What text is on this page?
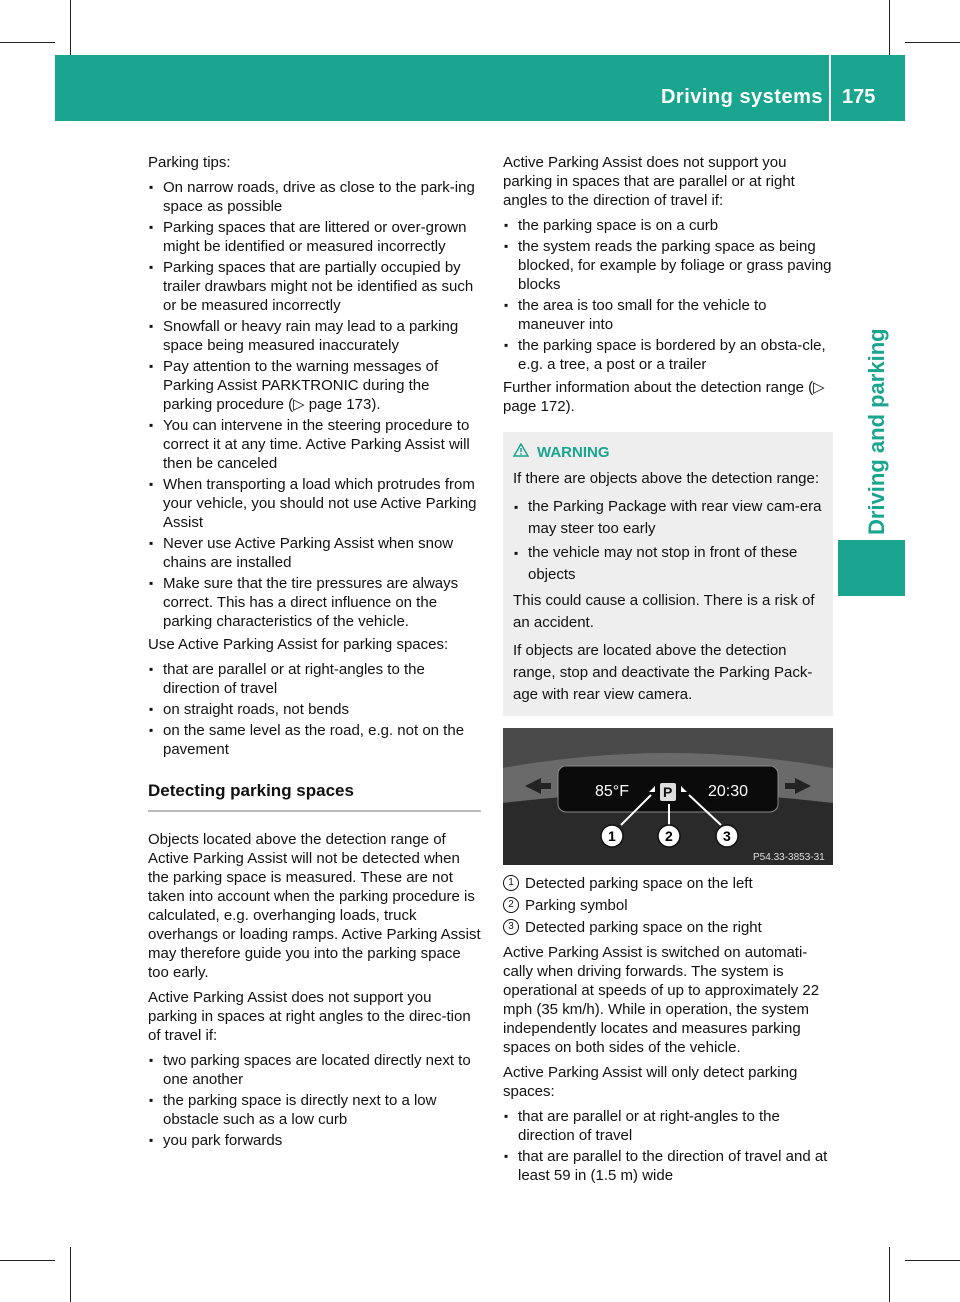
Driving systems 175
Driving and parking

Parking tips:

▪ On narrow roads, drive as close to the park-ing space as possible
▪ Parking spaces that are littered or over-grown might be identified or measured incorrectly
▪ Parking spaces that are partially occupied by trailer drawbars might not be identified as such or be measured incorrectly
▪ Snowfall or heavy rain may lead to a parking space being measured inaccurately
▪ Pay attention to the warning messages of Parking Assist PARKTRONIC during the parking procedure (▷ page 173).
▪ You can intervene in the steering procedure to correct it at any time. Active Parking Assist will then be canceled
▪ When transporting a load which protrudes from your vehicle, you should not use Active Parking Assist
▪ Never use Active Parking Assist when snow chains are installed
▪ Make sure that the tire pressures are always correct. This has a direct influence on the parking characteristics of the vehicle.

Use Active Parking Assist for parking spaces:

▪ that are parallel or at right-angles to the direction of travel
▪ on straight roads, not bends
▪ on the same level as the road, e.g. not on the pavement
Detecting parking spaces

Objects located above the detection range of Active Parking Assist will not be detected when the parking space is measured. These are not taken into account when the parking procedure is calculated, e.g. overhanging loads, truck overhangs or loading ramps. Active Parking Assist may therefore guide you into the parking space too early.

Active Parking Assist does not support you parking in spaces at right angles to the direc-tion of travel if:

▪ two parking spaces are located directly next to one another
▪ the parking space is directly next to a low obstacle such as a low curb
▪ you park forwards

Active Parking Assist does not support you parking in spaces that are parallel or at right angles to the direction of travel if:

▪ the parking space is on a curb
▪ the system reads the parking space as being blocked, for example by foliage or grass paving blocks
▪ the area is too small for the vehicle to maneuver into
▪ the parking space is bordered by an obsta-cle, e.g. a tree, a post or a trailer

Further information about the detection range (▷ page 172).

WARNING

If there are objects above the detection range:

▪ the Parking Package with rear view cam-era may steer too early
▪ the vehicle may not stop in front of these objects

This could cause a collision. There is a risk of an accident.

If objects are located above the detection range, stop and deactivate the Parking Pack-age with rear view camera.

85°F P 20:30
1	2	3
P54.33-3853-31
1 Detected parking space on the left
2 Parking symbol
3 Detected parking space on the right

Active Parking Assist is switched on automati-cally when driving forwards. The system is operational at speeds of up to approximately 22 mph (35 km/h). While in operation, the system independently locates and measures parking spaces on both sides of the vehicle.

Active Parking Assist will only detect parking spaces:

▪ that are parallel or at right-angles to the direction of travel
▪ that are parallel to the direction of travel and at least 59 in (1.5 m) wide
